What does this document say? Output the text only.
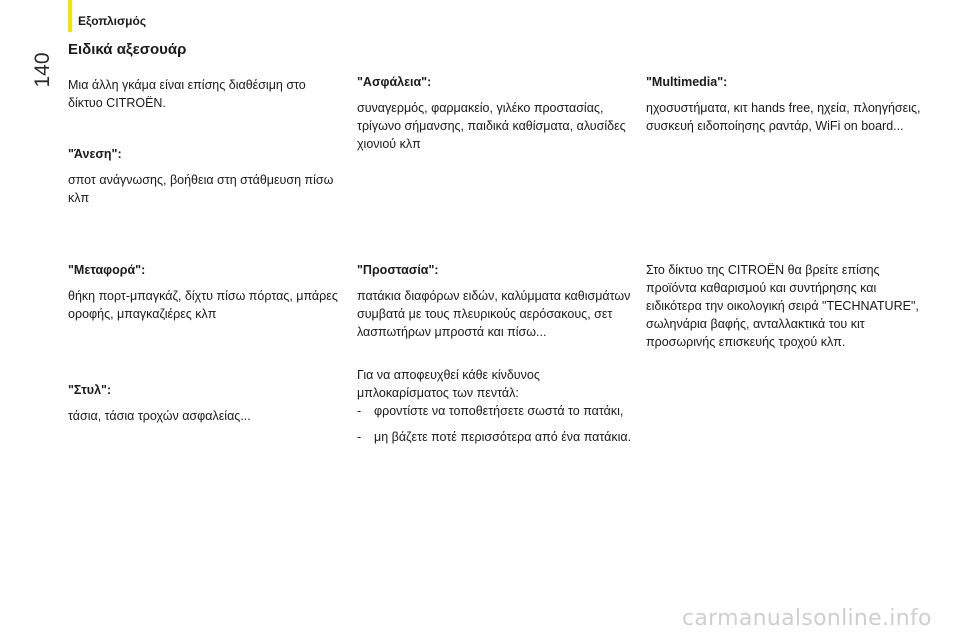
Εξοπλισμός
140
Ειδικά αξεσουάρ

Μια άλλη γκάμα είναι επίσης διαθέσιμη στο δίκτυο CITROËN.

"Άνεση":

σποτ ανάγνωσης, βοήθεια στη στάθμευση πίσω κλπ

"Μεταφορά":

θήκη πορτ-μπαγκάζ, δίχτυ πίσω πόρτας, μπάρες οροφής, μπαγκαζιέρες κλπ

"Στυλ":

τάσια, τάσια τροχών ασφαλείας...

"Ασφάλεια":

συναγερμός, φαρμακείο, γιλέκο προστασίας, τρίγωνο σήμανσης, παιδικά καθίσματα, αλυσίδες χιονιού κλπ

"Προστασία":

πατάκια διαφόρων ειδών, καλύμματα καθισμάτων συμβατά με τους πλευρικούς αερόσακους, σετ λασπωτήρων μπροστά και πίσω...

Για να αποφευχθεί κάθε κίνδυνος μπλοκαρίσματος των πεντάλ:

-	φροντίστε να τοποθετήσετε σωστά το πατάκι,
-	μη βάζετε ποτέ περισσότερα από ένα πατάκια.

"Multimedia":

ηχοσυστήματα, κιτ hands free, ηχεία, πλοηγήσεις, συσκευή ειδοποίησης ραντάρ, WiFi on board...

Στο δίκτυο της CITROËN θα βρείτε επίσης προϊόντα καθαρισμού και συντήρησης και ειδικότερα την οικολογική σειρά "TECHNATURE", σωληνάρια βαφής, ανταλλακτικά του κιτ προσωρινής επισκευής τροχού κλπ.

carmanualsonline.info
